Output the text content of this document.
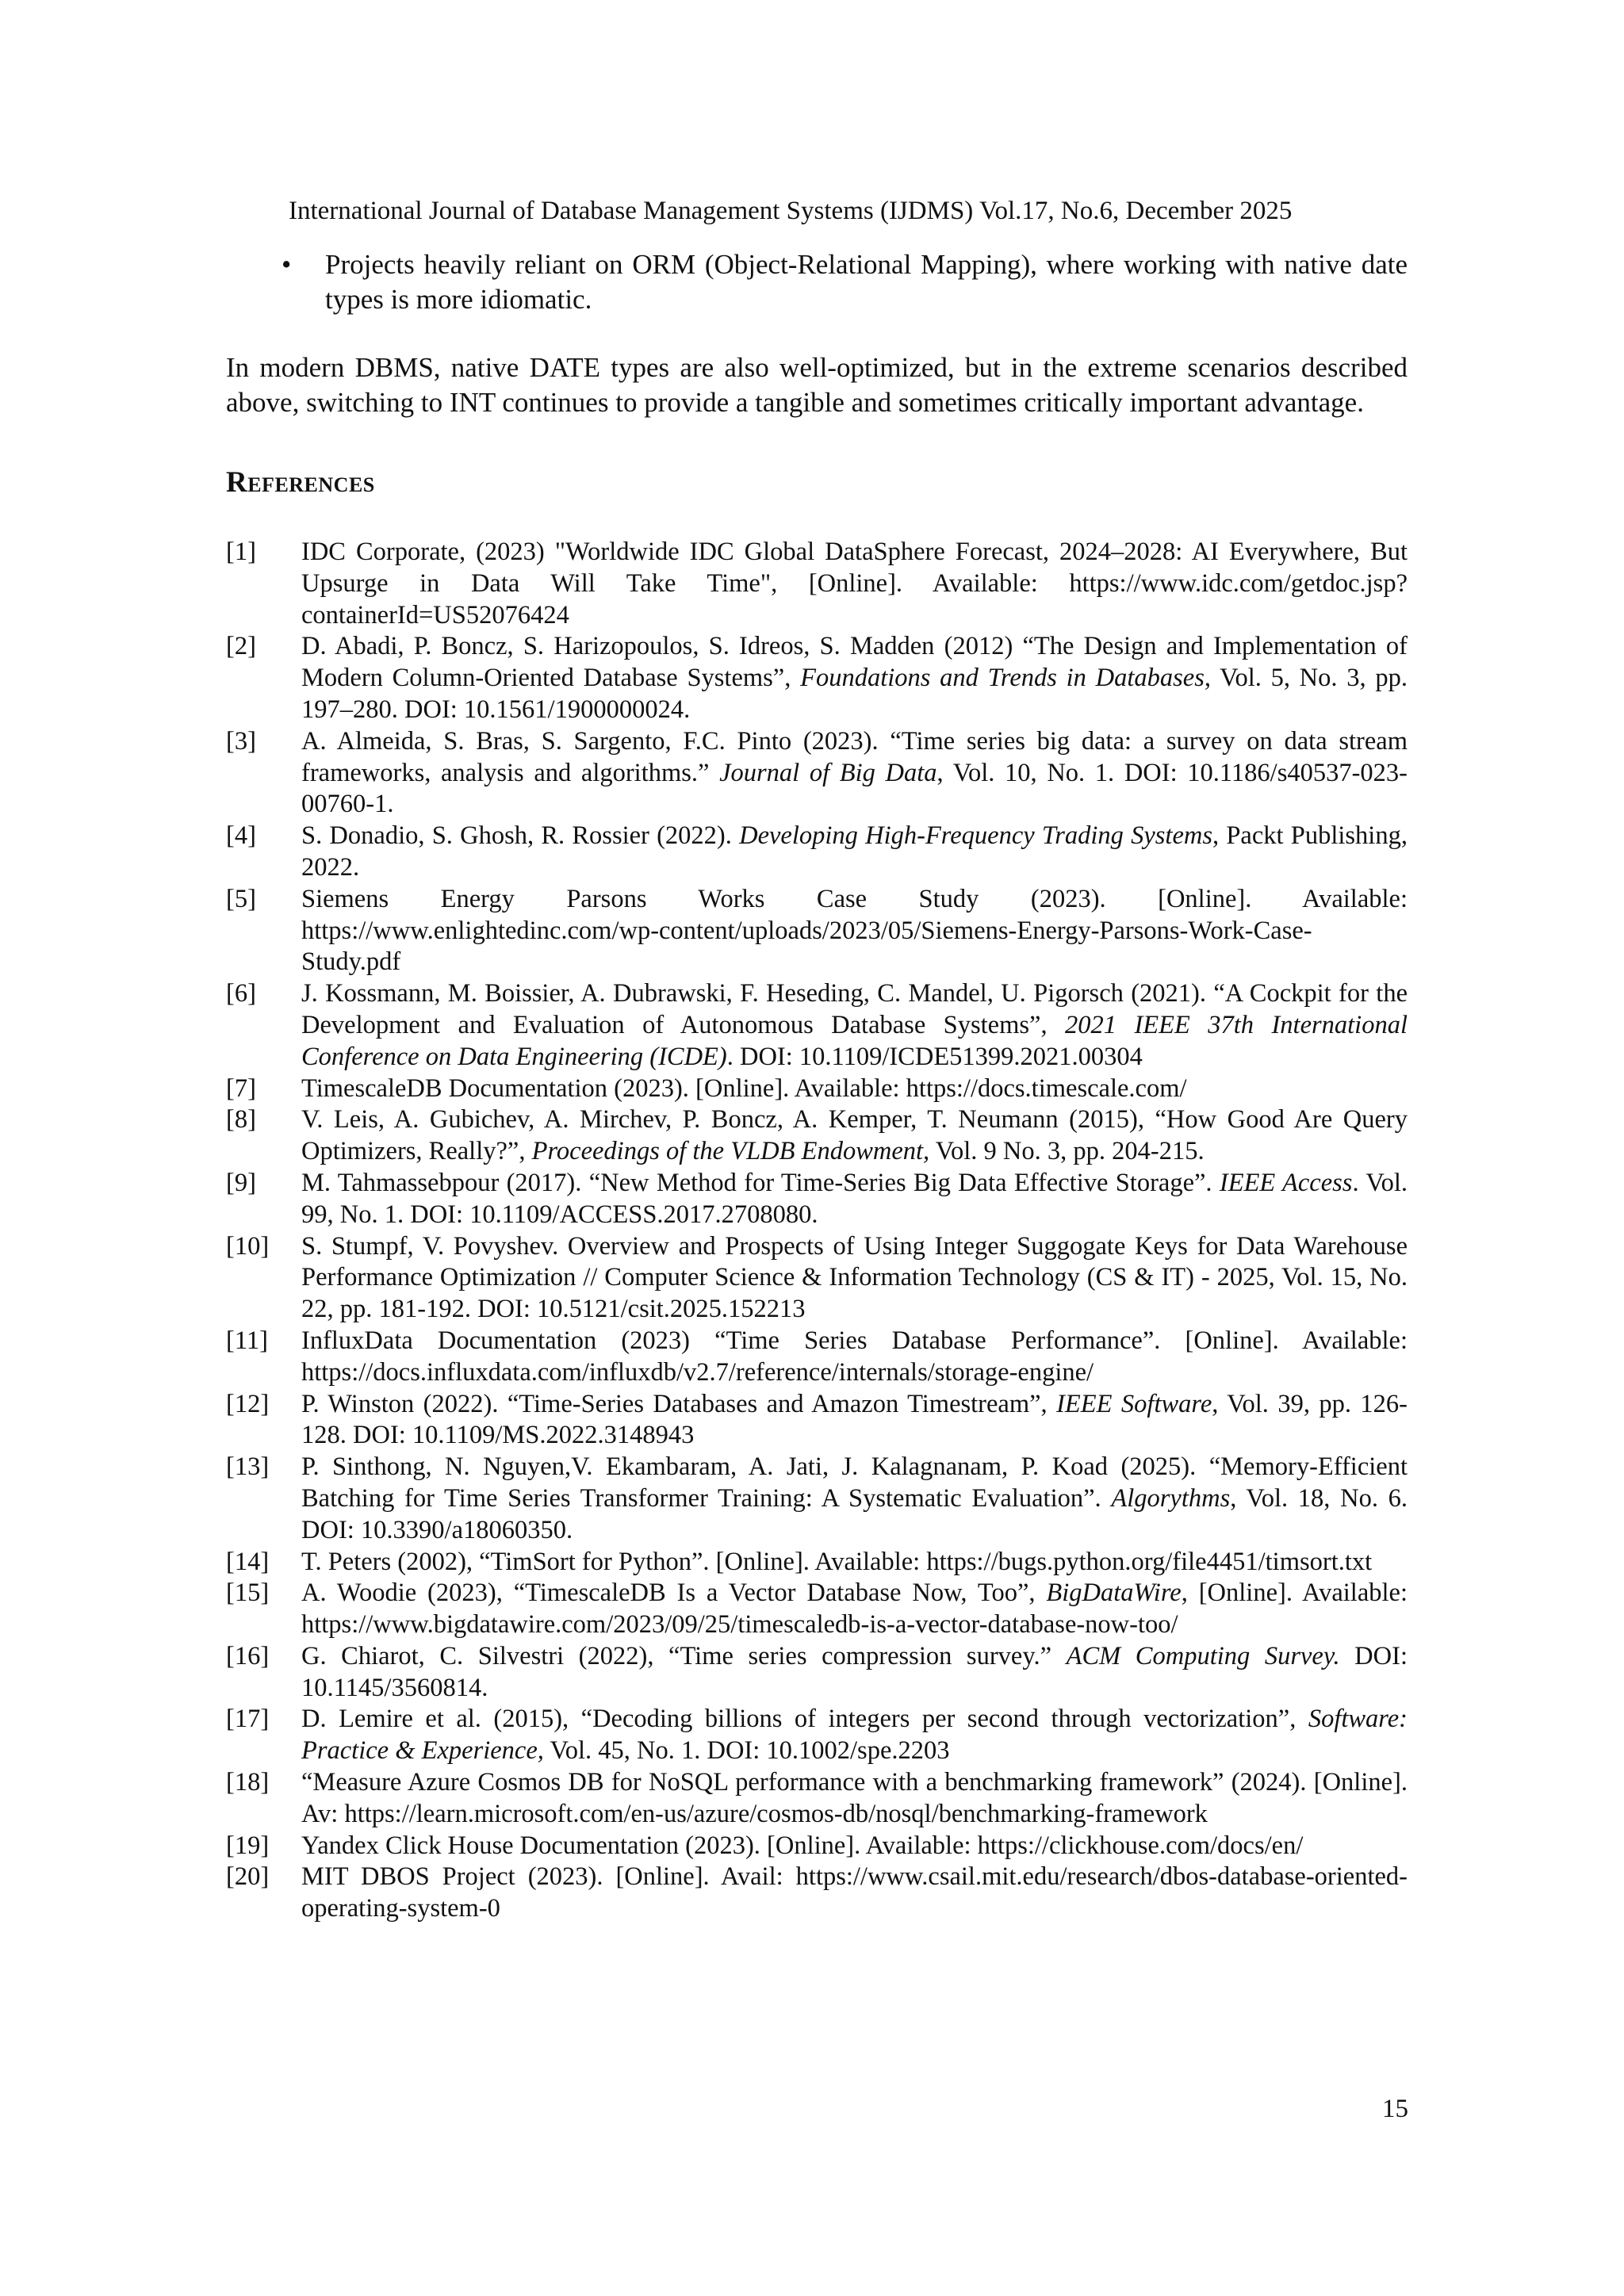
International Journal of Database Management Systems (IJDMS) Vol.17, No.6, December 2025
• Projects heavily reliant on ORM (Object-Relational Mapping), where working with native date types is more idiomatic.

In modern DBMS, native DATE types are also well-optimized, but in the extreme scenarios described above, switching to INT continues to provide a tangible and sometimes critically important advantage.

References
[1] IDC Corporate, (2023) "Worldwide IDC Global DataSphere Forecast, 2024–2028: AI Everywhere, But Upsurge in Data Will Take Time", [Online]. Available: https://www.idc.com/getdoc.jsp?containerId=US52076424
[2] D. Abadi, P. Boncz, S. Harizopoulos, S. Idreos, S. Madden (2012) “The Design and Implementation of Modern Column-Oriented Database Systems”, Foundations and Trends in Databases, Vol. 5, No. 3, pp. 197–280. DOI: 10.1561/1900000024.
[3] A. Almeida, S. Bras, S. Sargento, F.C. Pinto (2023). “Time series big data: a survey on data stream frameworks, analysis and algorithms.” Journal of Big Data, Vol. 10, No. 1. DOI: 10.1186/s40537-023-00760-1.
[4] S. Donadio, S. Ghosh, R. Rossier (2022). Developing High-Frequency Trading Systems, Packt Publishing, 2022.
[5] Siemens Energy Parsons Works Case Study (2023). [Online]. Available: https://www.enlightedinc.com/wp-content/uploads/2023/05/Siemens-Energy-Parsons-Work-Case-Study.pdf
[6] J. Kossmann, M. Boissier, A. Dubrawski, F. Heseding, C. Mandel, U. Pigorsch (2021). “A Cockpit for the Development and Evaluation of Autonomous Database Systems”, 2021 IEEE 37th International Conference on Data Engineering (ICDE). DOI: 10.1109/ICDE51399.2021.00304
[7] TimescaleDB Documentation (2023). [Online]. Available: https://docs.timescale.com/
[8] V. Leis, A. Gubichev, A. Mirchev, P. Boncz, A. Kemper, T. Neumann (2015), “How Good Are Query Optimizers, Really?”, Proceedings of the VLDB Endowment, Vol. 9 No. 3, pp. 204-215.
[9] M. Tahmassebpour (2017). “New Method for Time-Series Big Data Effective Storage”. IEEE Access. Vol. 99, No. 1. DOI: 10.1109/ACCESS.2017.2708080.
[10] S. Stumpf, V. Povyshev. Overview and Prospects of Using Integer Suggogate Keys for Data Warehouse Performance Optimization // Computer Science & Information Technology (CS & IT) - 2025, Vol. 15, No. 22, pp. 181-192. DOI: 10.5121/csit.2025.152213
[11] InfluxData Documentation (2023) “Time Series Database Performance”. [Online]. Available: https://docs.influxdata.com/influxdb/v2.7/reference/internals/storage-engine/
[12] P. Winston (2022). “Time-Series Databases and Amazon Timestream”, IEEE Software, Vol. 39, pp. 126-128. DOI: 10.1109/MS.2022.3148943
[13] P. Sinthong, N. Nguyen,V. Ekambaram, A. Jati, J. Kalagnanam, P. Koad (2025). “Memory-Efficient Batching for Time Series Transformer Training: A Systematic Evaluation”. Algorythms, Vol. 18, No. 6. DOI: 10.3390/a18060350.
[14] T. Peters (2002), “TimSort for Python”. [Online]. Available: https://bugs.python.org/file4451/timsort.txt
[15] A. Woodie (2023), “TimescaleDB Is a Vector Database Now, Too”, BigDataWire, [Online]. Available: https://www.bigdatawire.com/2023/09/25/timescaledb-is-a-vector-database-now-too/
[16] G. Chiarot, C. Silvestri (2022), “Time series compression survey.” ACM Computing Survey. DOI: 10.1145/3560814.
[17] D. Lemire et al. (2015), “Decoding billions of integers per second through vectorization”, Software: Practice & Experience, Vol. 45, No. 1. DOI: 10.1002/spe.2203
[18] “Measure Azure Cosmos DB for NoSQL performance with a benchmarking framework” (2024). [Online]. Av: https://learn.microsoft.com/en-us/azure/cosmos-db/nosql/benchmarking-framework
[19] Yandex Click House Documentation (2023). [Online]. Available: https://clickhouse.com/docs/en/
[20] MIT DBOS Project (2023). [Online]. Avail: https://www.csail.mit.edu/research/dbos-database-oriented-operating-system-0
15
